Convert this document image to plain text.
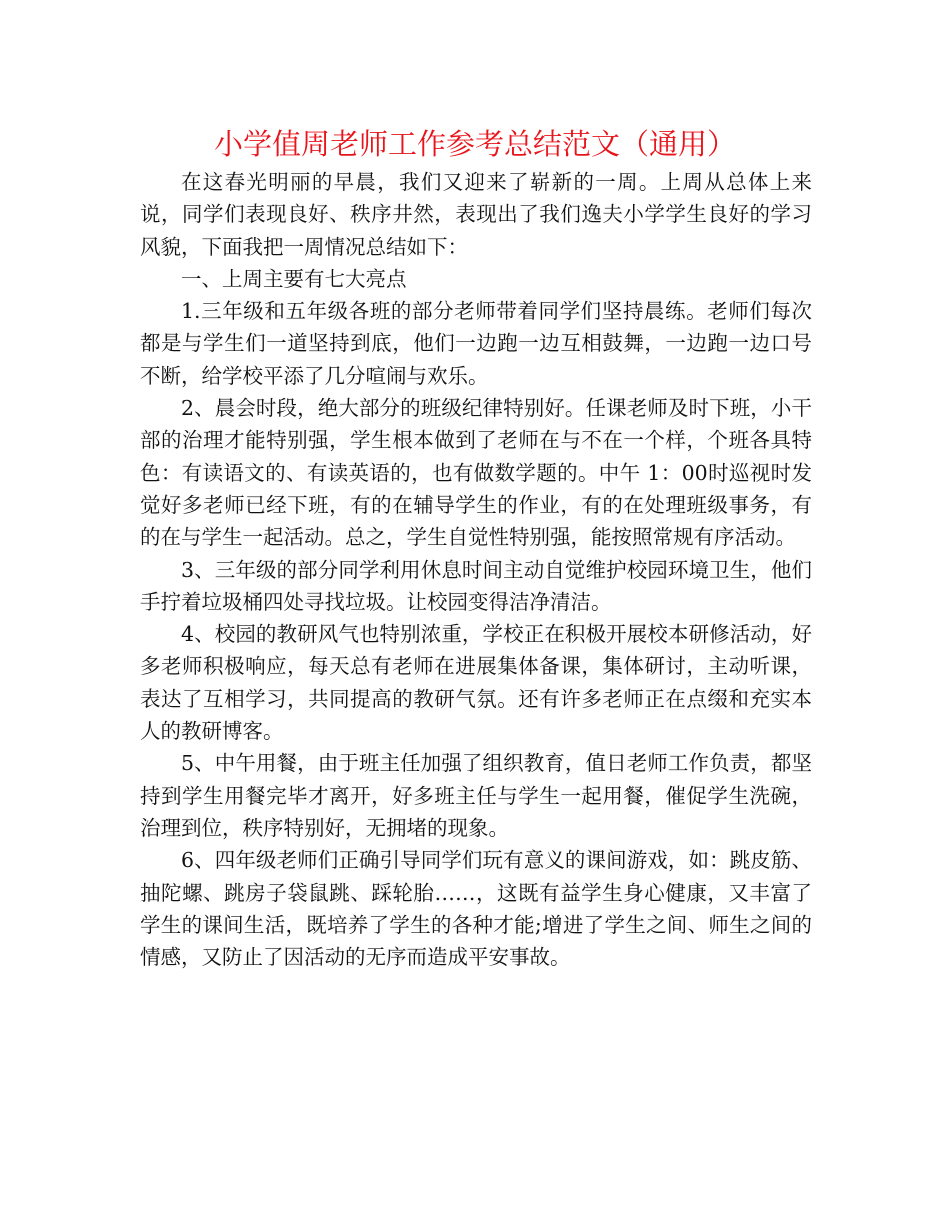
小学值周老师工作参考总结范文（通用）

在这春光明丽的早晨，我们又迎来了崭新的一周。上周从总体上来说，同学们表现良好、秩序井然，表现出了我们逸夫小学学生良好的学习风貌，下面我把一周情况总结如下：

一、上周主要有七大亮点

1.三年级和五年级各班的部分老师带着同学们坚持晨练。老师们每次都是与学生们一道坚持到底，他们一边跑一边互相鼓舞，一边跑一边口号不断，给学校平添了几分喧闹与欢乐。

2、晨会时段，绝大部分的班级纪律特别好。任课老师及时下班，小干部的治理才能特别强，学生根本做到了老师在与不在一个样，个班各具特色：有读语文的、有读英语的，也有做数学题的。中午 1：00时巡视时发觉好多老师已经下班，有的在辅导学生的作业，有的在处理班级事务，有的在与学生一起活动。总之，学生自觉性特别强，能按照常规有序活动。

3、三年级的部分同学利用休息时间主动自觉维护校园环境卫生，他们手拧着垃圾桶四处寻找垃圾。让校园变得洁净清洁。

4、校园的教研风气也特别浓重，学校正在积极开展校本研修活动，好多老师积极响应，每天总有老师在进展集体备课，集体研讨，主动听课，表达了互相学习，共同提高的教研气氛。还有许多老师正在点缀和充实本人的教研博客。

5、中午用餐，由于班主任加强了组织教育，值日老师工作负责，都坚持到学生用餐完毕才离开，好多班主任与学生一起用餐，催促学生洗碗，治理到位，秩序特别好，无拥堵的现象。

6、四年级老师们正确引导同学们玩有意义的课间游戏，如：跳皮筋、抽陀螺、跳房子袋鼠跳、踩轮胎……，这既有益学生身心健康，又丰富了学生的课间生活，既培养了学生的各种才能;增进了学生之间、师生之间的情感，又防止了因活动的无序而造成平安事故。
